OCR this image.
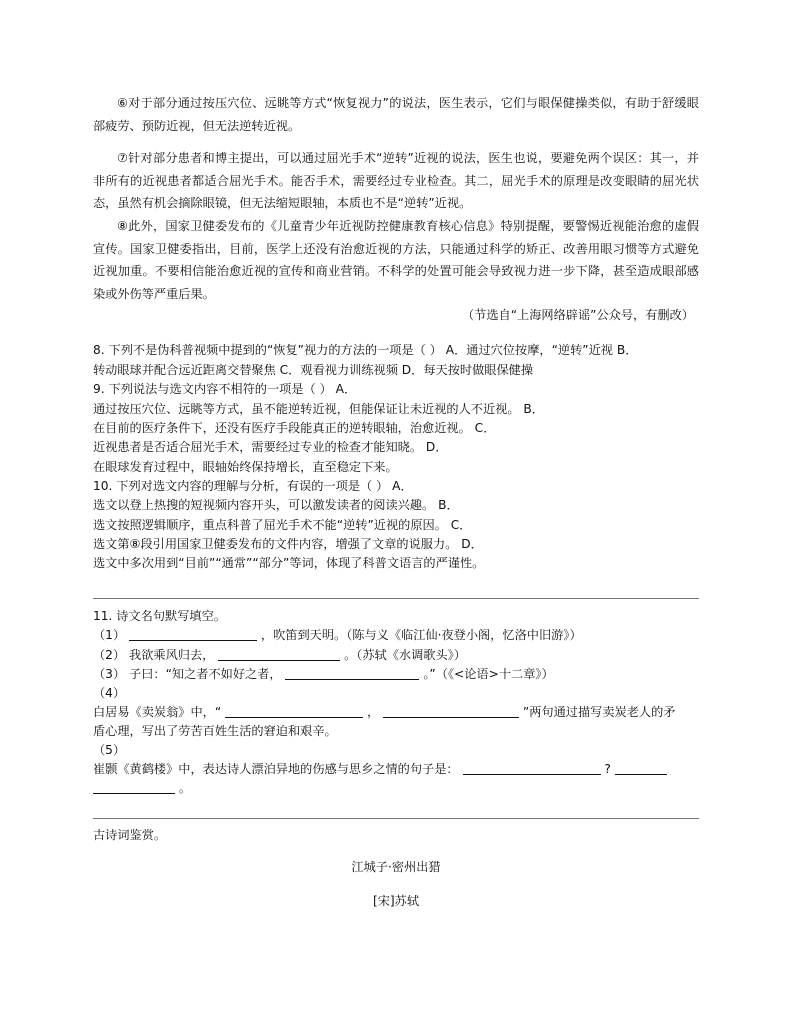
⑥对于部分通过按压穴位、远眺等方式“恢复视力”的说法，医生表示，它们与眼保健操类似，有助于舒缓眼部疲劳、预防近视，但无法逆转近视。
⑦针对部分患者和博主提出，可以通过屈光手术“逆转”近视的说法，医生也说，要避免两个误区：其一，并非所有的近视患者都适合屈光手术。能否手术，需要经过专业检查。其二，屈光手术的原理是改变眼睛的屈光状态，虽然有机会摘除眼镜，但无法缩短眼轴，本质也不是“逆转”近视。
⑧此外，国家卫健委发布的《儿童青少年近视防控健康教育核心信息》特别提醒，要警惕近视能治愈的虚假宣传。国家卫健委指出，目前，医学上还没有治愈近视的方法，只能通过科学的矫正、改善用眼习惯等方式避免近视加重。不要相信能治愈近视的宣传和商业营销。不科学的处置可能会导致视力进一步下降，甚至造成眼部感染或外伤等严重后果。
（节选自“上海网络辟谣”公众号，有删改）
8. 下列不是伪科普视频中提到的“恢复”视力的方法的一项是（ ） A．通过穴位按摩，“逆转”近视 B．
转动眼球并配合远近距离交替聚焦 C．观看视力训练视频 D．每天按时做眼保健操
9. 下列说法与选文内容不相符的一项是（ ） A．
通过按压穴位、远眺等方式，虽不能逆转近视，但能保证让未近视的人不近视。 B．
在目前的医疗条件下，还没有医疗手段能真正的逆转眼轴，治愈近视。 C．
近视患者是否适合屈光手术，需要经过专业的检查才能知晓。 D．
在眼球发育过程中，眼轴始终保持增长，直至稳定下来。
10. 下列对选文内容的理解与分析，有误的一项是（ ） A．
选文以登上热搜的短视频内容开头，可以激发读者的阅读兴趣。 B．
选文按照逻辑顺序，重点科普了屈光手术不能“逆转”近视的原因。 C．
选文第⑧段引用国家卫健委发布的文件内容，增强了文章的说服力。 D．
选文中多次用到“目前”“通常”“部分”等词，体现了科普文语言的严谨性。
11. 诗文名句默写填空。
（1）	，吹笛到天明。（陈与义《临江仙·夜登小阁，忆洛中旧游》）
（2） 我欲乘风归去，	。（苏轼《水调歌头》）
（3） 子曰：“知之者不如好之者，	。”（《<论语>十二章》）
（4）
白居易《卖炭翁》中，“	，	”两句通过描写卖炭老人的矛
盾心理，写出了劳苦百姓生活的窘迫和艰辛。
（5）
崔颢《黄鹤楼》中，表达诗人漂泊异地的伤感与思乡之情的句子是：	?
。
古诗词鉴赏。
江城子·密州出猎
[宋]苏轼
